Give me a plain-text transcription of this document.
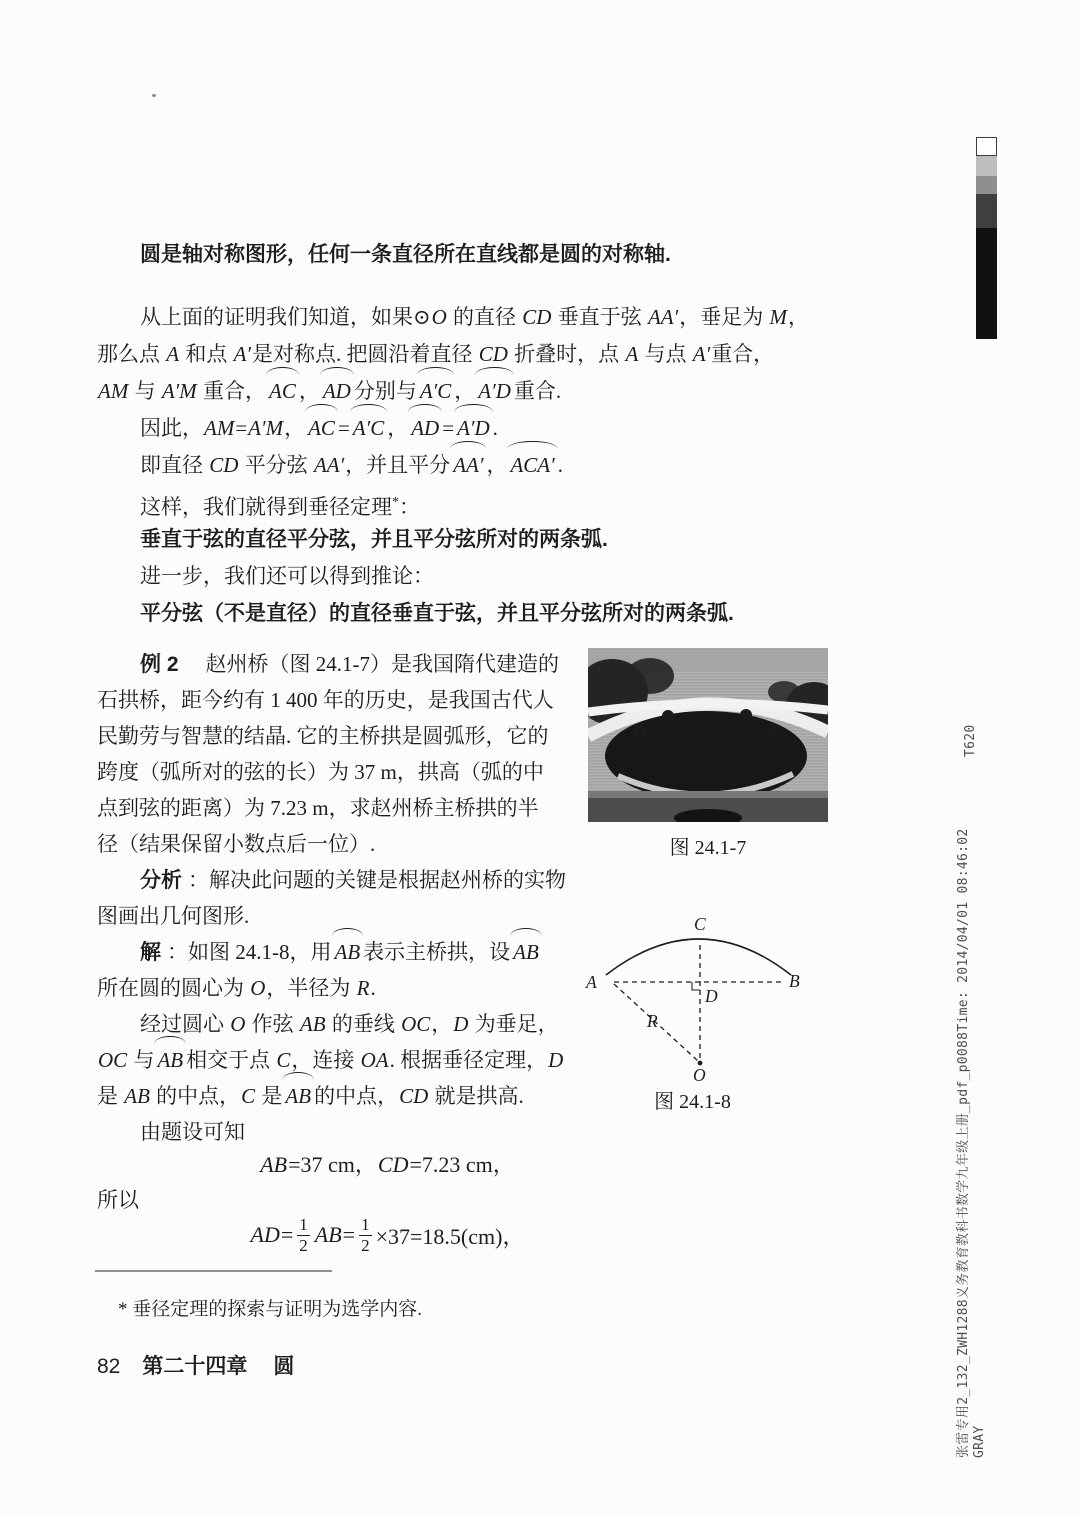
圆是轴对称图形，任何一条直径所在直线都是圆的对称轴.
从上面的证明我们知道，如果⊙O 的直径 CD 垂直于弦 AA′，垂足为 M，
那么点 A 和点 A′是对称点. 把圆沿着直径 CD 折叠时，点 A 与点 A′重合，
AM 与 A′M 重合， AC ， AD 分别与 A′C ， A′D 重合.
因此，AM=A′M， AC = A′C ， AD = A′D .
即直径 CD 平分弦 AA′，并且平分 AA′ ， ACA′ .
这样，我们就得到垂径定理*：
垂直于弦的直径平分弦，并且平分弦所对的两条弧.
进一步，我们还可以得到推论：
平分弦（不是直径）的直径垂直于弦，并且平分弦所对的两条弧.
例 2　赵州桥（图 24.1-7）是我国隋代建造的
石拱桥，距今约有 1 400 年的历史，是我国古代人
民勤劳与智慧的结晶. 它的主桥拱是圆弧形，它的
跨度（弧所对的弦的长）为 37 m，拱高（弧的中
点到弦的距离）为 7.23 m，求赵州桥主桥拱的半
径（结果保留小数点后一位）.
分析 ：解决此问题的关键是根据赵州桥的实物
图画出几何图形.
解 ：如图 24.1-8，用 AB 表示主桥拱，设 AB
所在圆的圆心为 O，半径为 R.
经过圆心 O 作弦 AB 的垂线 OC，D 为垂足，
OC 与 AB 相交于点 C，连接 OA. 根据垂径定理，D
是 AB 的中点，C 是 AB 的中点，CD 就是拱高.
由题设可知
AB=37 cm，CD=7.23 cm，
所以
AD = $\frac{1}{2}$ AB = $\frac{1}{2} \times 37=18.5(cm)$，
图 24.1-7
A	B
C
D
O
R
图 24.1-8
* 垂径定理的探索与证明为选学内容.
82 第二十四章 圆
T620
张雷专用2_132_ZWH1288义务教育教科书数学九年级上册_pdf_p0088Time: 2014/04/01 08:46:02 GRAY
